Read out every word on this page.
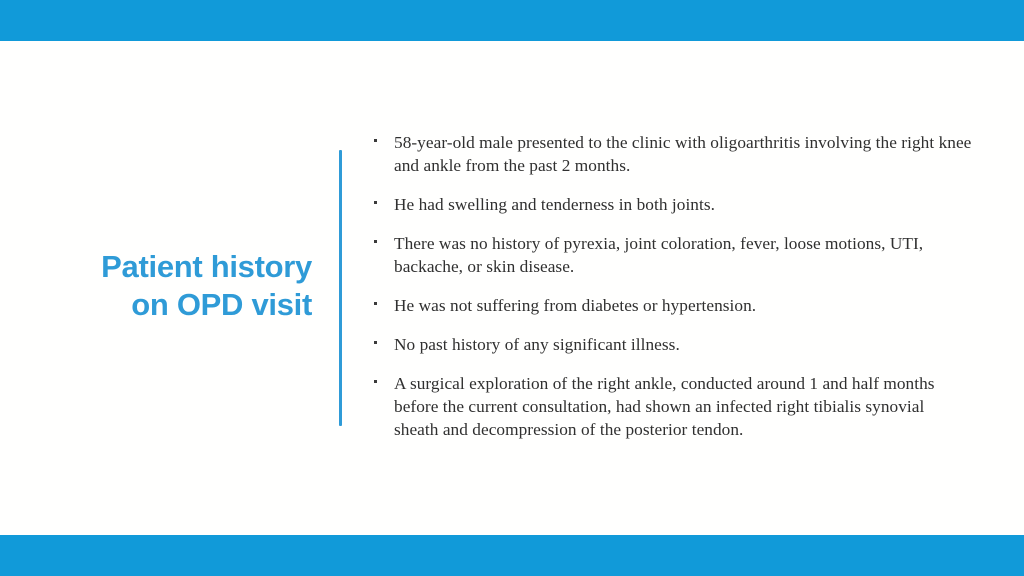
Patient history
on OPD visit
58-year-old male presented to the clinic with oligoarthritis involving the right knee and ankle from the past 2 months.
He had swelling and tenderness in both joints.
There was no history of pyrexia, joint coloration, fever, loose motions, UTI, backache, or skin disease.
He was not suffering from diabetes or hypertension.
No past history of any significant illness.
A surgical exploration of the right ankle, conducted around 1 and half months before the current consultation, had shown an infected right tibialis synovial sheath and decompression of the posterior tendon.
